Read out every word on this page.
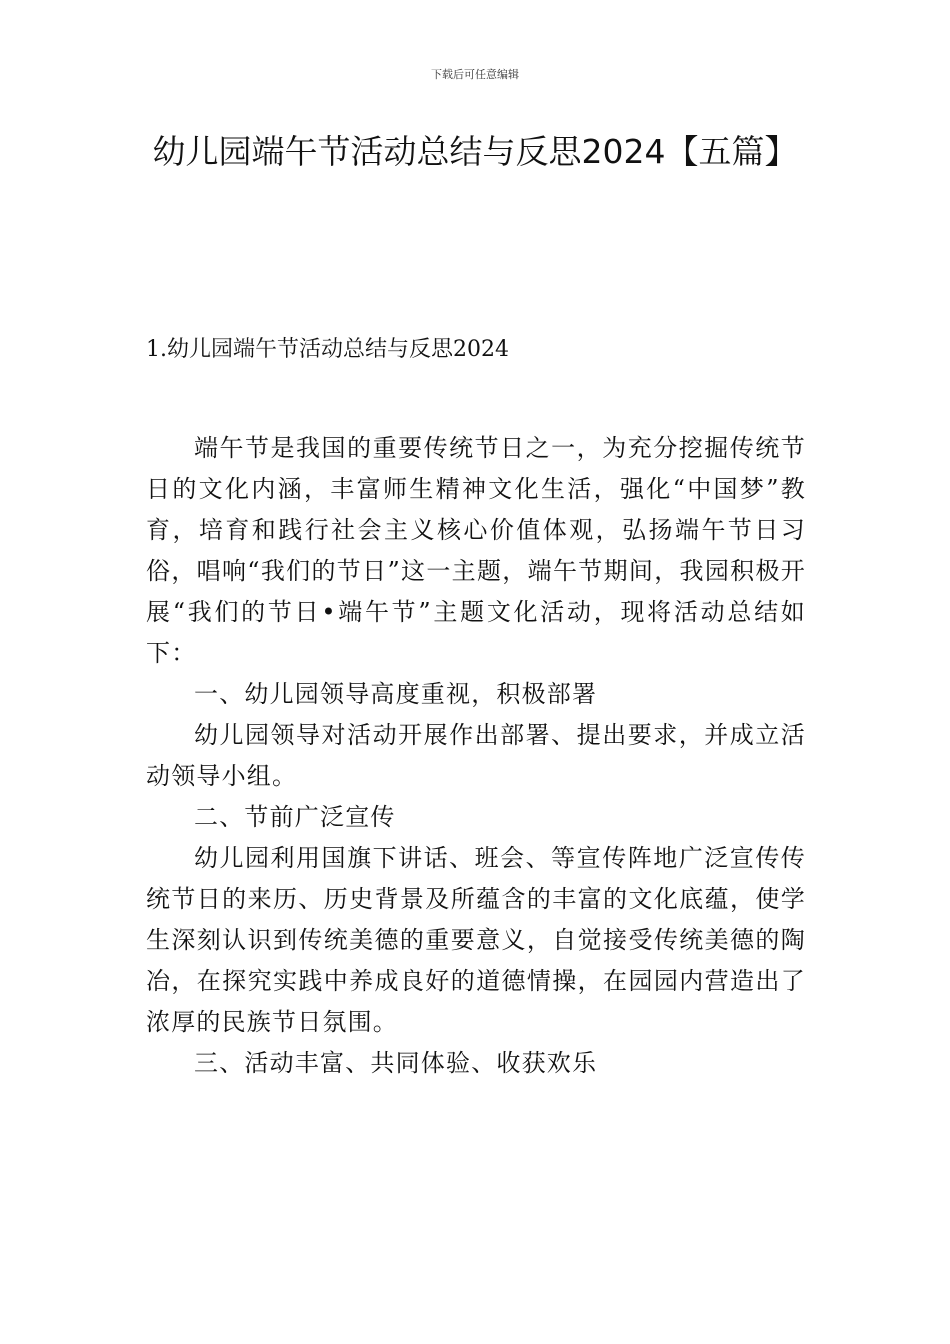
下载后可任意编辑
幼儿园端午节活动总结与反思2024【五篇】
1.幼儿园端午节活动总结与反思2024

端午节是我国的重要传统节日之一，为充分挖掘传统节日的文化内涵，丰富师生精神文化生活，强化“中国梦”教育，培育和践行社会主义核心价值体观，弘扬端午节日习俗，唱响“我们的节日”这一主题，端午节期间，我园积极开展“我们的节日•端午节”主题文化活动，现将活动总结如下：

一、幼儿园领导高度重视，积极部署

幼儿园领导对活动开展作出部署、提出要求，并成立活动领导小组。

二、节前广泛宣传

幼儿园利用国旗下讲话、班会、等宣传阵地广泛宣传传统节日的来历、历史背景及所蕴含的丰富的文化底蕴，使学生深刻认识到传统美德的重要意义，自觉接受传统美德的陶冶，在探究实践中养成良好的道德情操，在园园内营造出了浓厚的民族节日氛围。

三、活动丰富、共同体验、收获欢乐
